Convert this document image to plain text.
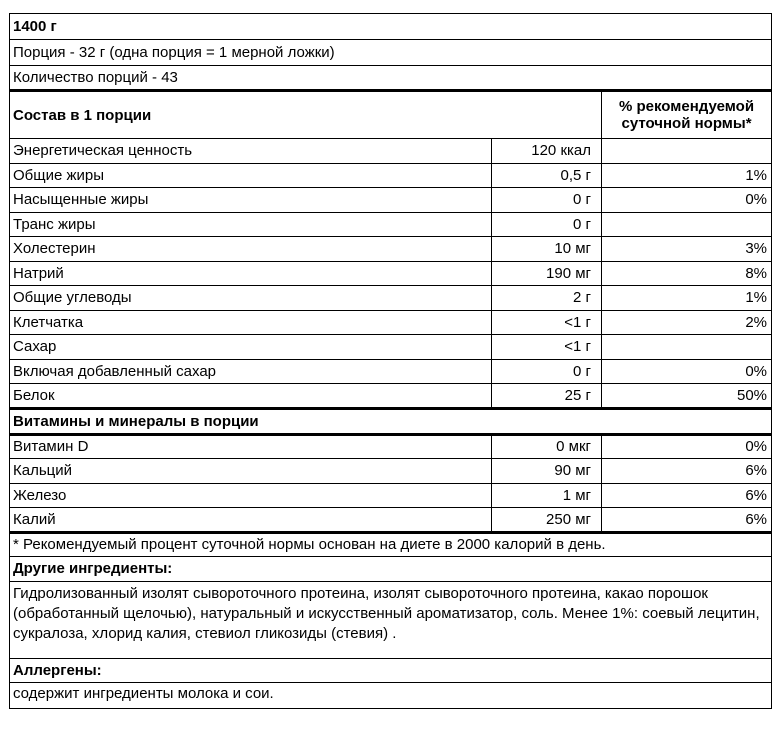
1400 г		
Порция - 32 г (одна порция = 1 мерной ложки)		
Количество порций - 43		
Состав в 1 порции		% рекомендуемой суточной нормы*
Энергетическая ценность	120 ккал	
Общие жиры	0,5 г	1%
Насыщенные жиры	0 г	0%
Транс жиры	0 г	
Холестерин	10 мг	3%
Натрий	190 мг	8%
Общие углеводы	2 г	1%
Клетчатка	<1 г	2%
Сахар	<1 г	
Включая добавленный сахар	0 г	0%
Белок	25 г	50%
Витамины и минералы в порции		
Витамин D	0 мкг	0%
Кальций	90 мг	6%
Железо	1 мг	6%
Калий	250 мг	6%
* Рекомендуемый процент суточной нормы основан на диете в 2000 калорий в день.		
Другие ингредиенты:		
Гидролизованный изолят сывороточного протеина, изолят сывороточного протеина, какао порошок (обработанный щелочью), натуральный и искусственный ароматизатор, соль. Менее 1%: соевый лецитин, сукралоза, хлорид калия, стевиол гликозиды (стевия) .		
Аллергены:		
содержит ингредиенты молока и сои.		
